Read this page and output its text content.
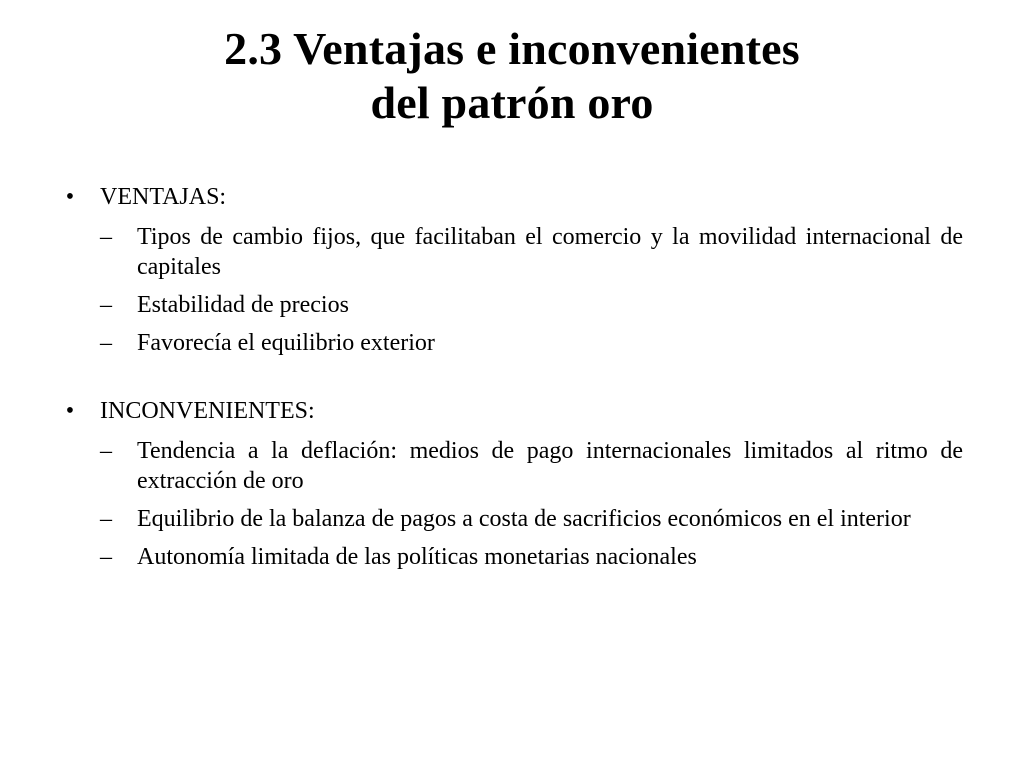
2.3 Ventajas e inconvenientes
del patrón oro
• VENTAJAS:
– Tipos de cambio fijos, que facilitaban el comercio y la movilidad internacional de capitales
– Estabilidad de precios
– Favorecía el equilibrio exterior
• INCONVENIENTES:
– Tendencia a la deflación: medios de pago internacionales limitados al ritmo de extracción de oro
– Equilibrio de la balanza de pagos a costa de sacrificios económicos en el interior
– Autonomía limitada de las políticas monetarias nacionales
